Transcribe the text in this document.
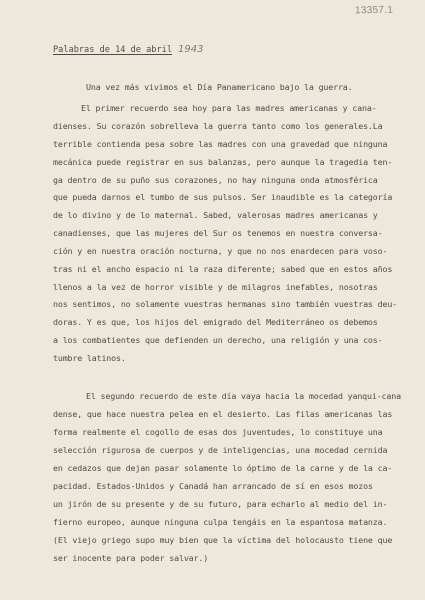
13357.1
Palabras de 14 de abril 1943
Una vez más vivimos el Día Panamericano bajo la guerra.
El primer recuerdo sea hoy para las madres americanas y cana-
dienses. Su corazón sobrelleva la guerra tanto como los generales.La
terrible contienda pesa sobre las madres con una gravedad que ninguna
mecánica puede registrar en sus balanzas, pero aunque la tragedia ten-
ga dentro de su puño sus corazones, no hay ninguna onda atmosférica
que pueda darnos el tumbo de sus pulsos. Ser inaudible es la categoría
de lo divino y de lo maternal. Sabed, valerosas madres americanas y
canadienses, que las mujeres del Sur os tenemos en nuestra conversa-
ción y en nuestra oración nocturna, y que no nos enardecen para voso-
tras ni el ancho espacio ni la raza diferente; sabed que en estos años
llenos a la vez de horror visible y de milagros inefables, nosotras
nos sentimos, no solamente vuestras hermanas sino también vuestras deu-
doras. Y es que, los hijos del emigrado del Mediterráneo os debemos
a los combatientes que defienden un derecho, una religión y una cos-
tumbre latinos.
El segundo recuerdo de este día vaya hacia la mocedad yanqui-cana
dense, que hace nuestra pelea en el desierto. Las filas americanas las
forma realmente el cogollo de esas dos juventudes, lo constituye una
selección rigurosa de cuerpos y de inteligencias, una mocedad cernida
en cedazos que dejan pasar solamente lo óptimo de la carne y de la ca-
pacidad. Estados-Unidos y Canadá han arrancado de sí en esos mozos
un jirón de su presente y de su futuro, para echarlo al medio del in-
fierno europeo, aunque ninguna culpa tengáis en la espantosa matanza.
(El viejo griego supo muy bien que la víctima del holocausto tiene que
ser inocente para poder salvar.)
